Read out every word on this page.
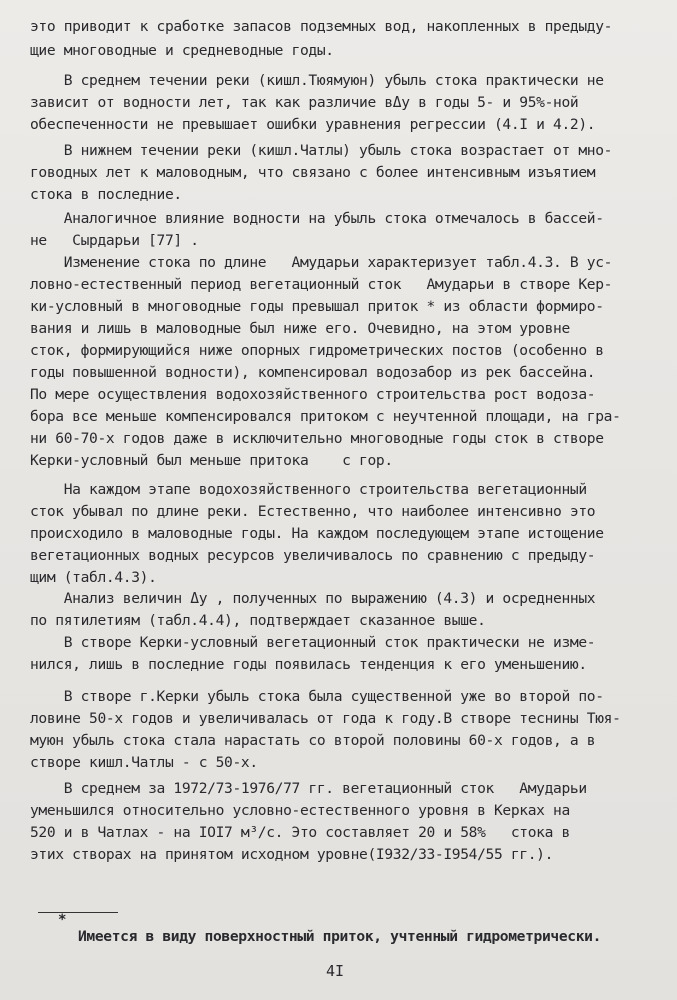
это приводит к сработке запасов подземных вод, накопленных в предыду-
щие многоводные и средневодные годы.
В среднем течении реки (кишл.Тюямуюн) убыль стока практически не
зависит от водности лет, так как различие вΔу в годы 5- и 95%-ной
обеспеченности не превышает ошибки уравнения регрессии (4.I и 4.2).
В нижнем течении реки (кишл.Чатлы) убыль стока возрастает от мно-
говодных лет к маловодным, что связано с более интенсивным изъятием
стока в последние.
Аналогичное влияние водности на убыль стока отмечалось в бассей-
не   Сырдарьи [77] .
Изменение стока по длине   Амударьи характеризует табл.4.3. В ус-
ловно-естественный период вегетационный сток   Амударьи в створе Кер-
ки-условный в многоводные годы превышал приток * из области формиро-
вания и лишь в маловодные был ниже его. Очевидно, на этом уровне
сток, формирующийся ниже опорных гидрометрических постов (особенно в
годы повышенной водности), компенсировал водозабор из рек бассейна.
По мере осуществления водохозяйственного строительства рост водоза-
бора все меньше компенсировался притоком с неучтенной площади, на гра-
ни 60-70-х годов даже в исключительно многоводные годы сток в створе
Керки-условный был меньше притока    с гор.
На каждом этапе водохозяйственного строительства вегетационный
сток убывал по длине реки. Естественно, что наиболее интенсивно это
происходило в маловодные годы. На каждом последующем этапе истощение
вегетационных водных ресурсов увеличивалось по сравнению с предыду-
щим (табл.4.3).
Анализ величин Δу , полученных по выражению (4.3) и осредненных
по пятилетиям (табл.4.4), подтверждает сказанное выше.
В створе Керки-условный вегетационный сток практически не изме-
нился, лишь в последние годы появилась тенденция к его уменьшению.
В створе г.Керки убыль стока была существенной уже во второй по-
ловине 50-х годов и увеличивалась от года к году.В створе теснины Тюя-
муюн убыль стока стала нарастать со второй половины 60-х годов, а в
створе кишл.Чатлы - с 50-х.
В среднем за 1972/73-1976/77 гг. вегетационный сток   Амударьи
уменьшился относительно условно-естественного уровня в Керках на
520 и в Чатлах - на IOI7 м³/с. Это составляет 20 и 58%   стока в
этих створах на принятом исходном уровне(I932/33-I954/55 гг.).
*
Имеется в виду поверхностный приток, учтенный гидрометрически.
4I
